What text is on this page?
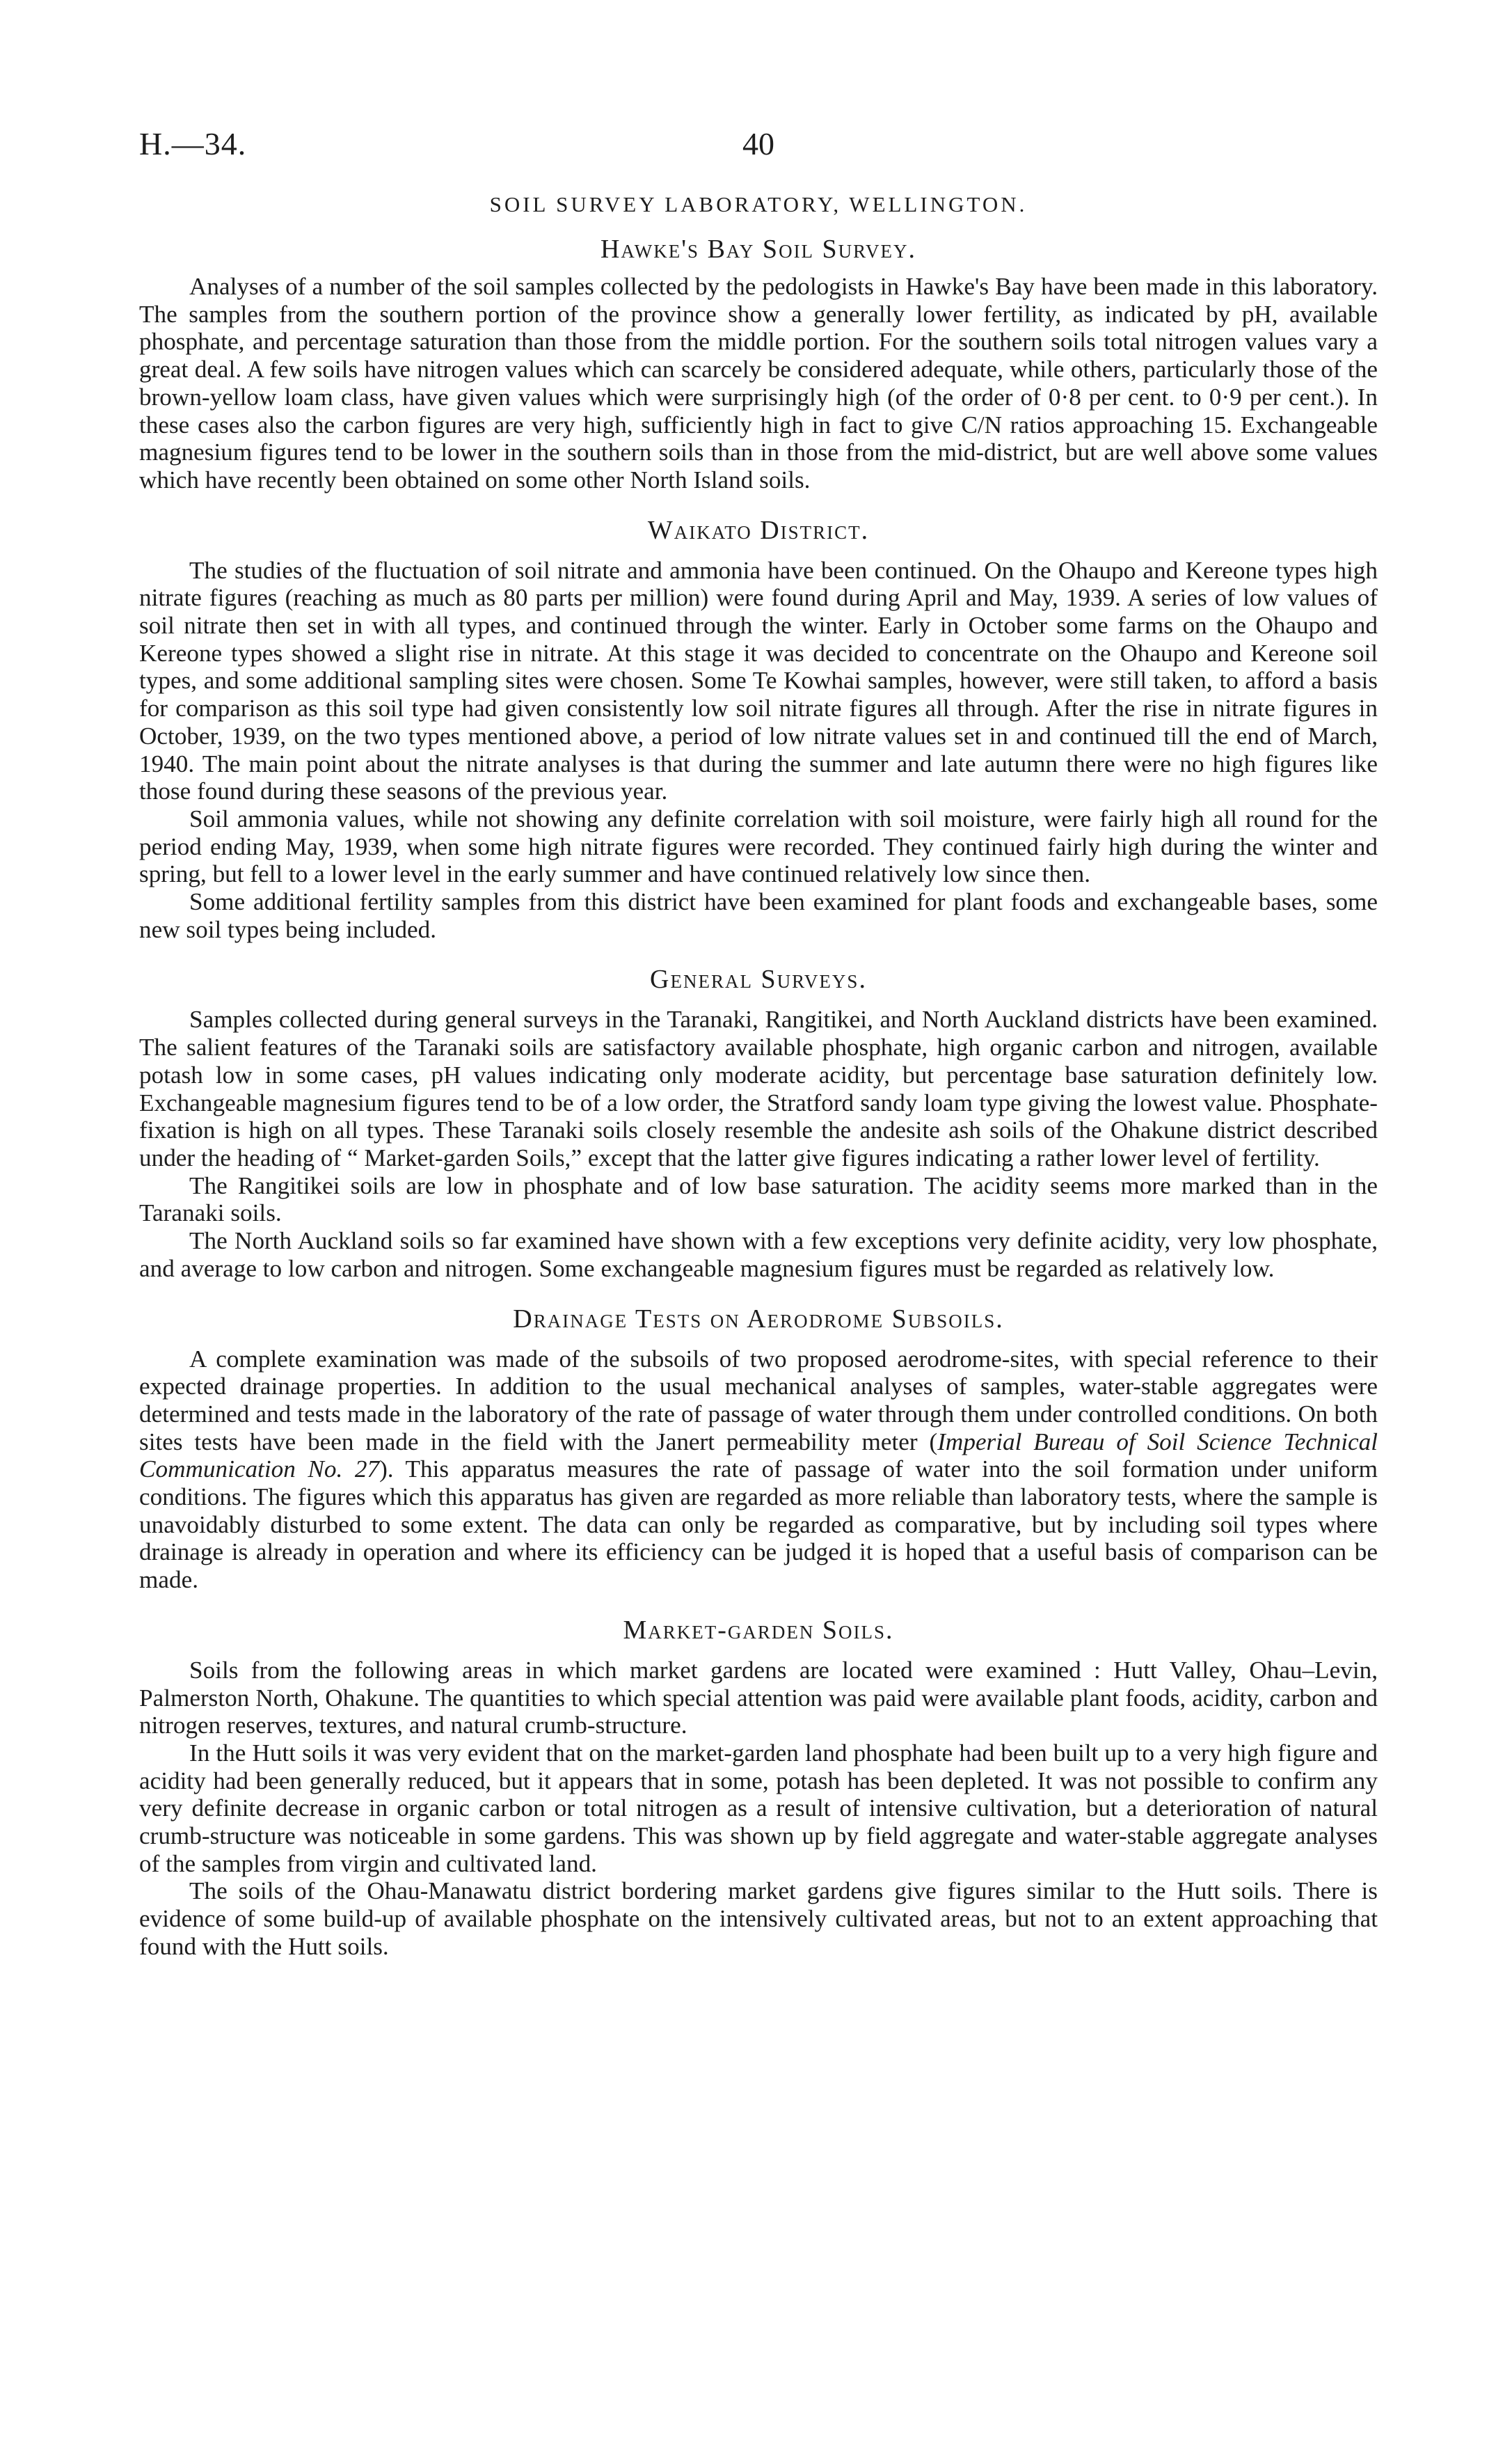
H.—34.	40
SOIL SURVEY LABORATORY, WELLINGTON.
Hawke's Bay Soil Survey.

Analyses of a number of the soil samples collected by the pedologists in Hawke's Bay have been made in this laboratory. The samples from the southern portion of the province show a generally lower fertility, as indicated by pH, available phosphate, and percentage saturation than those from the middle portion. For the southern soils total nitrogen values vary a great deal. A few soils have nitrogen values which can scarcely be considered adequate, while others, particularly those of the brown-yellow loam class, have given values which were surprisingly high (of the order of 0·8 per cent. to 0·9 per cent.). In these cases also the carbon figures are very high, sufficiently high in fact to give C/N ratios approaching 15. Exchangeable magnesium figures tend to be lower in the southern soils than in those from the mid-district, but are well above some values which have recently been obtained on some other North Island soils.

Waikato District.

The studies of the fluctuation of soil nitrate and ammonia have been continued. On the Ohaupo and Kereone types high nitrate figures (reaching as much as 80 parts per million) were found during April and May, 1939. A series of low values of soil nitrate then set in with all types, and continued through the winter. Early in October some farms on the Ohaupo and Kereone types showed a slight rise in nitrate. At this stage it was decided to concentrate on the Ohaupo and Kereone soil types, and some additional sampling sites were chosen. Some Te Kowhai samples, however, were still taken, to afford a basis for comparison as this soil type had given consistently low soil nitrate figures all through. After the rise in nitrate figures in October, 1939, on the two types mentioned above, a period of low nitrate values set in and continued till the end of March, 1940. The main point about the nitrate analyses is that during the summer and late autumn there were no high figures like those found during these seasons of the previous year.

Soil ammonia values, while not showing any definite correlation with soil moisture, were fairly high all round for the period ending May, 1939, when some high nitrate figures were recorded. They continued fairly high during the winter and spring, but fell to a lower level in the early summer and have continued relatively low since then.

Some additional fertility samples from this district have been examined for plant foods and exchangeable bases, some new soil types being included.

General Surveys.

Samples collected during general surveys in the Taranaki, Rangitikei, and North Auckland districts have been examined. The salient features of the Taranaki soils are satisfactory available phosphate, high organic carbon and nitrogen, available potash low in some cases, pH values indicating only moderate acidity, but percentage base saturation definitely low. Exchangeable magnesium figures tend to be of a low order, the Stratford sandy loam type giving the lowest value. Phosphate-fixation is high on all types. These Taranaki soils closely resemble the andesite ash soils of the Ohakune district described under the heading of “ Market-garden Soils,” except that the latter give figures indicating a rather lower level of fertility.

The Rangitikei soils are low in phosphate and of low base saturation. The acidity seems more marked than in the Taranaki soils.

The North Auckland soils so far examined have shown with a few exceptions very definite acidity, very low phosphate, and average to low carbon and nitrogen. Some exchangeable magnesium figures must be regarded as relatively low.

Drainage Tests on Aerodrome Subsoils.

A complete examination was made of the subsoils of two proposed aerodrome-sites, with special reference to their expected drainage properties. In addition to the usual mechanical analyses of samples, water-stable aggregates were determined and tests made in the laboratory of the rate of passage of water through them under controlled conditions. On both sites tests have been made in the field with the Janert permeability meter (Imperial Bureau of Soil Science Technical Communication No. 27). This apparatus measures the rate of passage of water into the soil formation under uniform conditions. The figures which this apparatus has given are regarded as more reliable than laboratory tests, where the sample is unavoidably disturbed to some extent. The data can only be regarded as comparative, but by including soil types where drainage is already in operation and where its efficiency can be judged it is hoped that a useful basis of comparison can be made.

Market-garden Soils.

Soils from the following areas in which market gardens are located were examined : Hutt Valley, Ohau–Levin, Palmerston North, Ohakune. The quantities to which special attention was paid were available plant foods, acidity, carbon and nitrogen reserves, textures, and natural crumb-structure.

In the Hutt soils it was very evident that on the market-garden land phosphate had been built up to a very high figure and acidity had been generally reduced, but it appears that in some, potash has been depleted. It was not possible to confirm any very definite decrease in organic carbon or total nitrogen as a result of intensive cultivation, but a deterioration of natural crumb-structure was noticeable in some gardens. This was shown up by field aggregate and water-stable aggregate analyses of the samples from virgin and cultivated land.

The soils of the Ohau-Manawatu district bordering market gardens give figures similar to the Hutt soils. There is evidence of some build-up of available phosphate on the intensively cultivated areas, but not to an extent approaching that found with the Hutt soils.
